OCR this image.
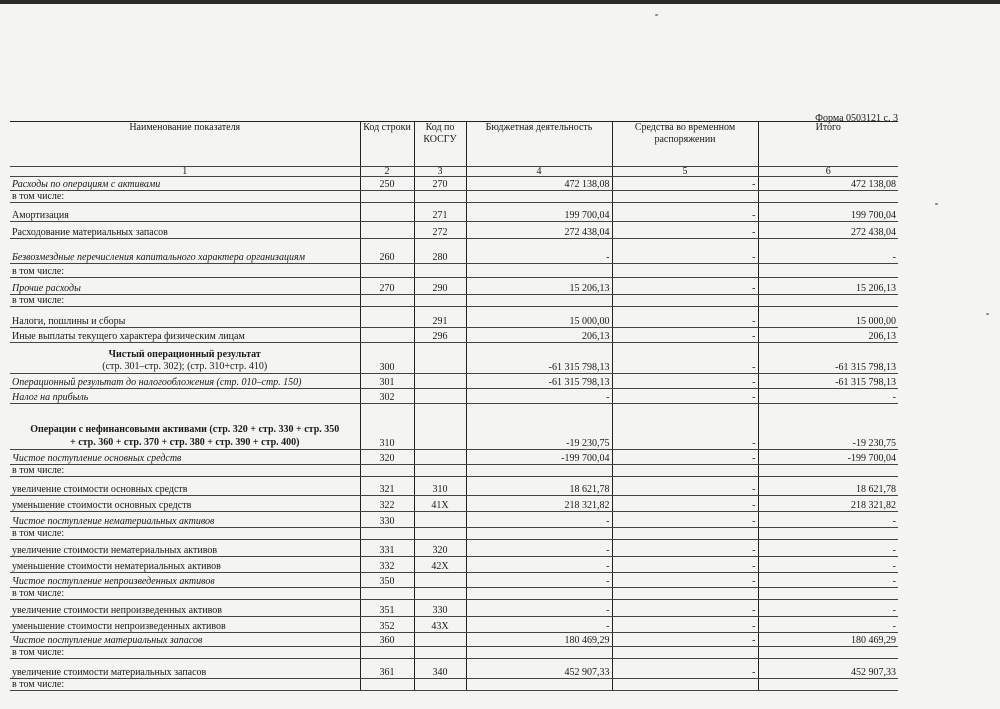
Форма 0503121 с. 3
Наименование показателя	Код строки	Код по КОСГУ	Бюджетная деятельность	Средства во временном распоряжении	Итого
1	2	3	4	5	6
Расходы по операциям с активами	250	270	472 138,08	-	472 138,08
в том числе:					
Амортизация		271	199 700,04	-	199 700,04
Расходование материальных запасов		272	272 438,04	-	272 438,04
Безвозмездные перечисления капитального характера организациям	260	280	-	-	-
в том числе:					
Прочие расходы	270	290	15 206,13	-	15 206,13
в том числе:					
Налоги, пошлины и сборы		291	15 000,00	-	15 000,00
Иные выплаты текущего характера физическим лицам		296	206,13	-	206,13

Чистый операционный результат
(стр. 301–стр. 302); (стр. 310+стр. 410)	300		-61 315 798,13	-	-61 315 798,13
Операционный результат до налогообложения (стр. 010–стр. 150)	301		-61 315 798,13	-	-61 315 798,13
Налог на прибыль	302		-	-	-

Операции с нефинансовыми активами (стр. 320 + стр. 330 + стр. 350
+ стр. 360 + стр. 370 + стр. 380 + стр. 390 + стр. 400)	310		-19 230,75	-	-19 230,75
Чистое поступление основных средств	320		-199 700,04	-	-199 700,04
в том числе:					
увеличение стоимости основных средств	321	310	18 621,78	-	18 621,78
уменьшение стоимости основных средств	322	41Х	218 321,82	-	218 321,82
Чистое поступление нематериальных активов	330		-	-	-
в том числе:					
увеличение стоимости нематериальных активов	331	320	-	-	-
уменьшение стоимости нематериальных активов	332	42Х	-	-	-
Чистое поступление непроизведенных активов	350		-	-	-
в том числе:					
увеличение стоимости непроизведенных активов	351	330	-	-	-
уменьшение стоимости непроизведенных активов	352	43Х	-	-	-
Чистое поступление материальных запасов	360		180 469,29	-	180 469,29
в том числе:					
увеличение стоимости материальных запасов	361	340	452 907,33	-	452 907,33
в том числе:					
